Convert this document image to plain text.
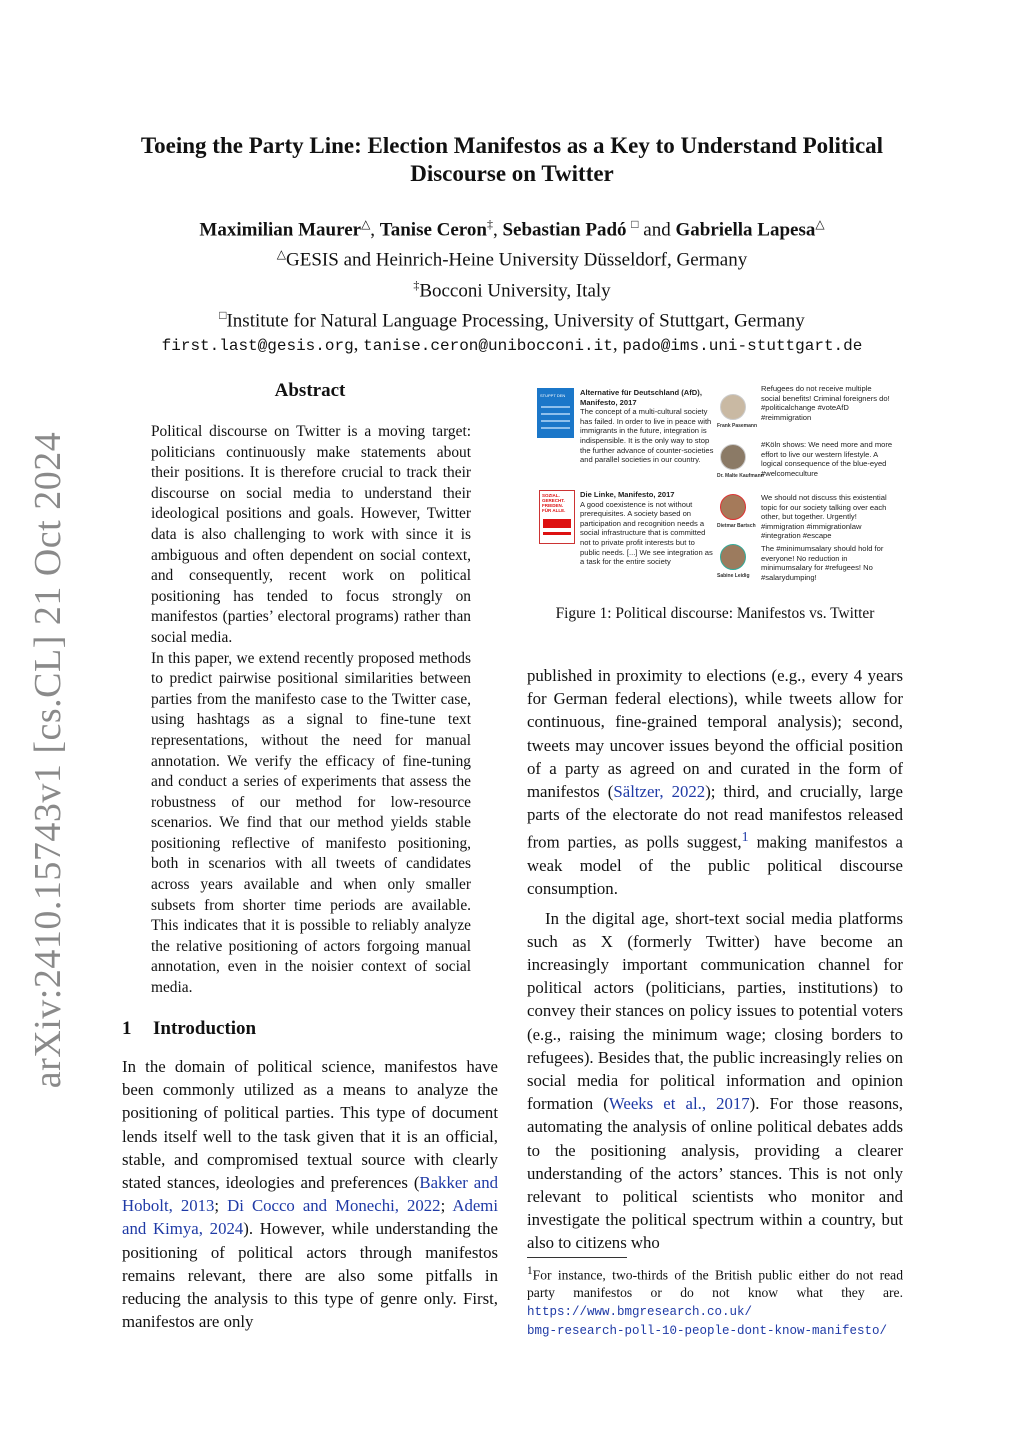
arXiv:2410.15743v1 [cs.CL] 21 Oct 2024
Toeing the Party Line: Election Manifestos as a Key to Understand Political Discourse on Twitter
Maximilian Maurer△, Tanise Ceron‡, Sebastian Padó □ and Gabriella Lapesa△
△GESIS and Heinrich-Heine University Düsseldorf, Germany
‡Bocconi University, Italy
□Institute for Natural Language Processing, University of Stuttgart, Germany
first.last@gesis.org, tanise.ceron@unibocconi.it, pado@ims.uni-stuttgart.de
Abstract

Political discourse on Twitter is a moving target: politicians continuously make statements about their positions. It is therefore crucial to track their discourse on social media to understand their ideological positions and goals. However, Twitter data is also challenging to work with since it is ambiguous and often dependent on social context, and consequently, recent work on political positioning has tended to focus strongly on manifestos (parties’ electoral programs) rather than social media.

In this paper, we extend recently proposed methods to predict pairwise positional similarities between parties from the manifesto case to the Twitter case, using hashtags as a signal to fine-tune text representations, without the need for manual annotation. We verify the efficacy of fine-tuning and conduct a series of experiments that assess the robustness of our method for low-resource scenarios. We find that our method yields stable positioning reflective of manifesto positioning, both in scenarios with all tweets of candidates across years available and when only smaller subsets from shorter time periods are available. This indicates that it is possible to reliably analyze the relative positioning of actors forgoing manual annotation, even in the noisier context of social media.

1 Introduction

In the domain of political science, manifestos have been commonly utilized as a means to analyze the positioning of political parties. This type of document lends itself well to the task given that it is an official, stable, and compromised textual source with clearly stated stances, ideologies and preferences (Bakker and Hobolt, 2013; Di Cocco and Monechi, 2022; Ademi and Kimya, 2024). However, while understanding the positioning of political actors through manifestos remains relevant, there are also some pitfalls in reducing the analysis to this type of genre only. First, manifestos are only

STUPPT DEN	Alternative für Deutschland (AfD), Manifesto, 2017
The concept of a multi-cultural society has failed. In order to live in peace with immigrants in the future, integration is indispensible. It is the only way to stop the further advance of counter-societies and parallel societies in our country.
SOZIAL. GERECHT. FRIEDEN. FÜR ALLE.
Die Linke, Manifesto, 2017
A good coexistence is not without prerequisites. A society based on participation and recognition needs a social infrastructure that is committed not to private profit interests but to public needs. [...] We see integration as a task for the entire society
Frank Pasemann
Refugees do not receive multiple social benefits! Criminal foreigners do! #politicalchange #voteAfD #reimmigration
Dr. Malte Kaufmann
#Köln shows: We need more and more effort to live our western lifestyle. A logical consequence of the blue-eyed #welcomeculture
Dietmar Bartsch
We should not discuss this existential topic for our society talking over each other, but together. Urgently! #immigration #immigrationlaw #integration #escape
Sabine Leidig
The #minimumsalary should hold for everyone! No reduction in minimumsalary for #refugees! No #salarydumping!
Figure 1: Political discourse: Manifestos vs. Twitter

published in proximity to elections (e.g., every 4 years for German federal elections), while tweets allow for continuous, fine-grained temporal analysis); second, tweets may uncover issues beyond the official position of a party as agreed on and curated in the form of manifestos (Sältzer, 2022); third, and crucially, large parts of the electorate do not read manifestos released from parties, as polls suggest,$^1$ making manifestos a weak model of the public political discourse consumption.

In the digital age, short-text social media platforms such as X (formerly Twitter) have become an increasingly important communication channel for political actors (politicians, parties, institutions) to convey their stances on policy issues to potential voters (e.g., raising the minimum wage; closing borders to refugees). Besides that, the public increasingly relies on social media for political information and opinion formation (Weeks et al., 2017). For those reasons, automating the analysis of online political debates adds to the positioning analysis, providing a clearer understanding of the actors’ stances. This is not only relevant to political scientists who monitor and investigate the political spectrum within a country, but also to citizens who

$^1$For instance, two-thirds of the British public either do not read party manifestos or do not know what they are. https://www.bmgresearch.co.uk/
bmg-research-poll-10-people-dont-know-manifesto/
